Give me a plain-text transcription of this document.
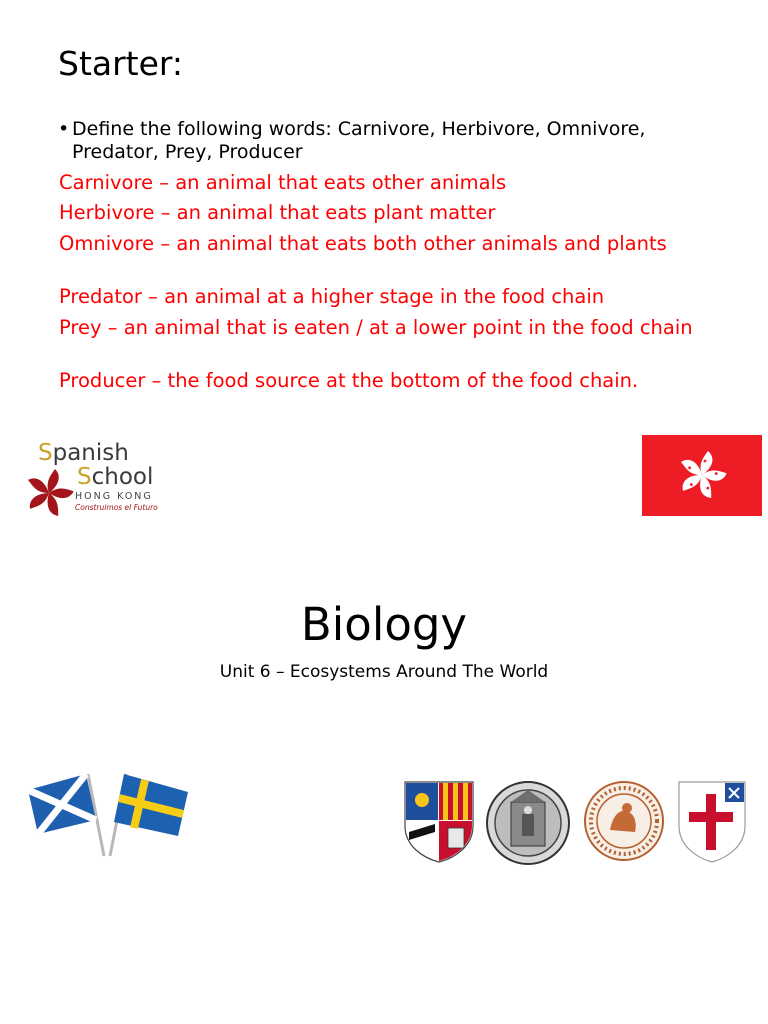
Starter:
• Define the following words: Carnivore, Herbivore, Omnivore, Predator, Prey, Producer
Carnivore – an animal that eats other animals
Herbivore – an animal that eats plant matter
Omnivore – an animal that eats both other animals and plants
Predator – an animal at a higher stage in the food chain
Prey – an animal that is eaten / at a lower point in the food chain
Producer – the food source at the bottom of the food chain.
Spanish
School
HONG KONG
Construimos el Futuro
Biology
Unit 6 – Ecosystems Around The World
